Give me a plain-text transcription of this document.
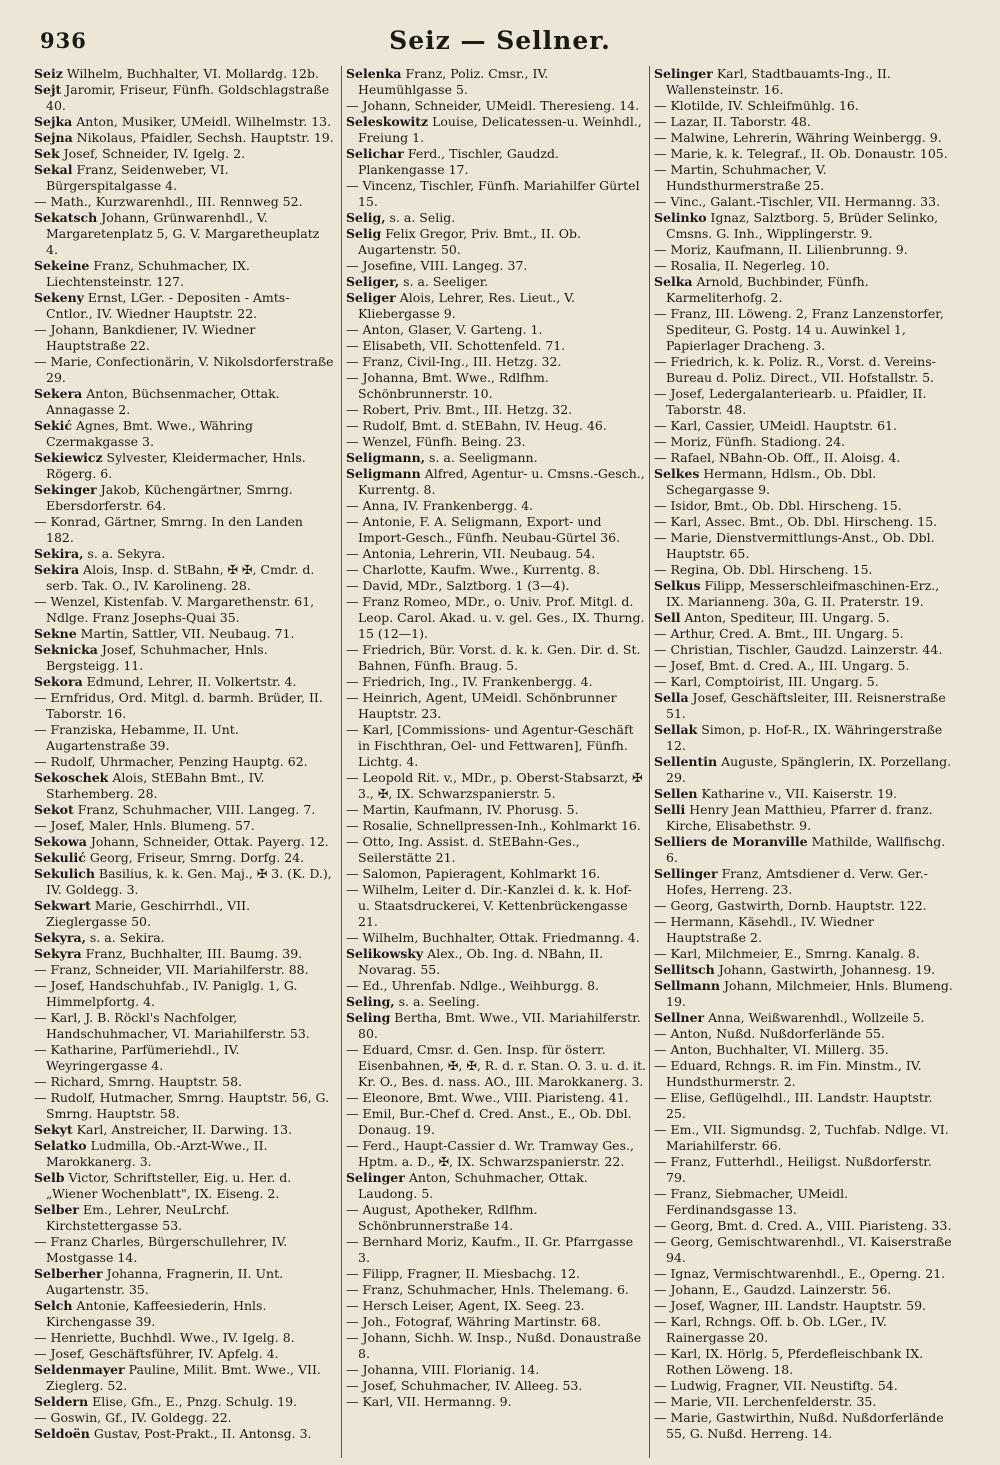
936	Seiz — Sellner.
Seiz Wilhelm, Buchhalter, VI. Mollardg. 12b.
Sejt Jaromir, Friseur, Fünfh. Goldschlagstraße 40.
Sejka Anton, Musiker, UMeidl. Wilhelmstr. 13.
Sejna Nikolaus, Pfaidler, Sechsh. Hauptstr. 19.
Sek Josef, Schneider, IV. Igelg. 2.
Sekal Franz, Seidenweber, VI. Bürgerspitalgasse 4.
— Math., Kurzwarenhdl., III. Rennweg 52.
Sekatsch Johann, Grünwarenhdl., V. Margaretenplatz 5, G. V. Margaretheuplatz 4.
Sekeine Franz, Schuhmacher, IX. Liechtensteinstr. 127.
Sekeny Ernst, LGer. - Depositen - Amts-Cntlor., IV. Wiedner Hauptstr. 22.
— Johann, Bankdiener, IV. Wiedner Hauptstraße 22.
— Marie, Confectionärin, V. Nikolsdorferstraße 29.
Sekera Anton, Büchsenmacher, Ottak. Annagasse 2.
Sekić Agnes, Bmt. Wwe., Währing Czermakgasse 3.
Sekiewicz Sylvester, Kleidermacher, Hnls. Rögerg. 6.
Sekinger Jakob, Küchengärtner, Smrng. Ebersdorferstr. 64.
— Konrad, Gärtner, Smrng. In den Landen 182.
Sekira, s. a. Sekyra.
Sekira Alois, Insp. d. StBahn, ✠ ✠, Cmdr. d. serb. Tak. O., IV. Karolineng. 28.
— Wenzel, Kistenfab. V. Margarethenstr. 61, Ndlge. Franz Josephs-Quai 35.
Sekne Martin, Sattler, VII. Neubaug. 71.
Seknicka Josef, Schuhmacher, Hnls. Bergsteigg. 11.
Sekora Edmund, Lehrer, II. Volkertstr. 4.
— Ernfridus, Ord. Mitgl. d. barmh. Brüder, II. Taborstr. 16.
— Franziska, Hebamme, II. Unt. Augartenstraße 39.
— Rudolf, Uhrmacher, Penzing Hauptg. 62.
Sekoschek Alois, StEBahn Bmt., IV. Starhemberg. 28.
Sekot Franz, Schuhmacher, VIII. Langeg. 7.
— Josef, Maler, Hnls. Blumeng. 57.
Sekowa Johann, Schneider, Ottak. Payerg. 12.
Sekulić Georg, Friseur, Smrng. Dorfg. 24.
Sekulich Basilius, k. k. Gen. Maj., ✠ 3. (K. D.), IV. Goldegg. 3.
Sekwart Marie, Geschirrhdl., VII. Zieglergasse 50.
Sekyra, s. a. Sekira.
Sekyra Franz, Buchhalter, III. Baumg. 39.
— Franz, Schneider, VII. Mariahilferstr. 88.
— Josef, Handschuhfab., IV. Paniglg. 1, G. Himmelpfortg. 4.
— Karl, J. B. Röckl's Nachfolger, Handschuhmacher, VI. Mariahilferstr. 53.
— Katharine, Parfümeriehdl., IV. Weyringergasse 4.
— Richard, Smrng. Hauptstr. 58.
— Rudolf, Hutmacher, Smrng. Hauptstr. 56, G. Smrng. Hauptstr. 58.
Sekyt Karl, Anstreicher, II. Darwing. 13.
Selatko Ludmilla, Ob.-Arzt-Wwe., II. Marokkanerg. 3.
Selb Victor, Schriftsteller, Eig. u. Her. d. „Wiener Wochenblatt", IX. Eiseng. 2.
Selber Em., Lehrer, NeuLrchf. Kirchstettergasse 53.
— Franz Charles, Bürgerschullehrer, IV. Mostgasse 14.
Selberher Johanna, Fragnerin, II. Unt. Augartenstr. 35.
Selch Antonie, Kaffeesiederin, Hnls. Kirchengasse 39.
— Henriette, Buchhdl. Wwe., IV. Igelg. 8.
— Josef, Geschäftsführer, IV. Apfelg. 4.
Seldenmayer Pauline, Milit. Bmt. Wwe., VII. Zieglerg. 52.
Seldern Elise, Gfn., E., Pnzg. Schulg. 19.
— Goswin, Gf., IV. Goldegg. 22.
Seldoën Gustav, Post-Prakt., II. Antonsg. 3.
Selenka Franz, Poliz. Cmsr., IV. Heumühlgasse 5.
— Johann, Schneider, UMeidl. Theresieng. 14.
Seleskowitz Louise, Delicatessen-u. Weinhdl., Freiung 1.
Selichar Ferd., Tischler, Gaudzd. Plankengasse 17.
— Vincenz, Tischler, Fünfh. Mariahilfer Gürtel 15.
Selig, s. a. Selig.
Selig Felix Gregor, Priv. Bmt., II. Ob. Augartenstr. 50.
— Josefine, VIII. Langeg. 37.
Seliger, s. a. Seeliger.
Seliger Alois, Lehrer, Res. Lieut., V. Kliebergasse 9.
— Anton, Glaser, V. Garteng. 1.
— Elisabeth, VII. Schottenfeld. 71.
— Franz, Civil-Ing., III. Hetzg. 32.
— Johanna, Bmt. Wwe., Rdlfhm. Schönbrunnerstr. 10.
— Robert, Priv. Bmt., III. Hetzg. 32.
— Rudolf, Bmt. d. StEBahn, IV. Heug. 46.
— Wenzel, Fünfh. Being. 23.
Seligmann, s. a. Seeligmann.
Seligmann Alfred, Agentur- u. Cmsns.-Gesch., Kurrentg. 8.
— Anna, IV. Frankenbergg. 4.
— Antonie, F. A. Seligmann, Export- und Import-Gesch., Fünfh. Neubau-Gürtel 36.
— Antonia, Lehrerin, VII. Neubaug. 54.
— Charlotte, Kaufm. Wwe., Kurrentg. 8.
— David, MDr., Salztborg. 1 (3—4).
— Franz Romeo, MDr., o. Univ. Prof. Mitgl. d. Leop. Carol. Akad. u. v. gel. Ges., IX. Thurng. 15 (12—1).
— Friedrich, Bür. Vorst. d. k. k. Gen. Dir. d. St. Bahnen, Fünfh. Braug. 5.
— Friedrich, Ing., IV. Frankenbergg. 4.
— Heinrich, Agent, UMeidl. Schönbrunner Hauptstr. 23.
— Karl, [Commissions- und Agentur-Geschäft in Fischthran, Oel- und Fettwaren], Fünfh. Lichtg. 4.
— Leopold Rit. v., MDr., p. Oberst-Stabsarzt, ✠ 3., ✠, IX. Schwarzspanierstr. 5.
— Martin, Kaufmann, IV. Phorusg. 5.
— Rosalie, Schnellpressen-Inh., Kohlmarkt 16.
— Otto, Ing. Assist. d. StEBahn-Ges., Seilerstätte 21.
— Salomon, Papieragent, Kohlmarkt 16.
— Wilhelm, Leiter d. Dir.-Kanzlei d. k. k. Hof- u. Staatsdruckerei, V. Kettenbrückengasse 21.
— Wilhelm, Buchhalter, Ottak. Friedmanng. 4.
Selikowsky Alex., Ob. Ing. d. NBahn, II. Novarag. 55.
— Ed., Uhrenfab. Ndlge., Weihburgg. 8.
Seling, s. a. Seeling.
Seling Bertha, Bmt. Wwe., VII. Mariahilferstr. 80.
— Eduard, Cmsr. d. Gen. Insp. für österr. Eisenbahnen, ✠, ✠, R. d. r. Stan. O. 3. u. d. it. Kr. O., Bes. d. nass. AO., III. Marokkanerg. 3.
— Eleonore, Bmt. Wwe., VIII. Piaristeng. 41.
— Emil, Bur.-Chef d. Cred. Anst., E., Ob. Dbl. Donaug. 19.
— Ferd., Haupt-Cassier d. Wr. Tramway Ges., Hptm. a. D., ✠, IX. Schwarzspanierstr. 22.
Selinger Anton, Schuhmacher, Ottak. Laudong. 5.
— August, Apotheker, Rdlfhm. Schönbrunnerstraße 14.
— Bernhard Moriz, Kaufm., II. Gr. Pfarrgasse 3.
— Filipp, Fragner, II. Miesbachg. 12.
— Franz, Schuhmacher, Hnls. Thelemang. 6.
— Hersch Leiser, Agent, IX. Seeg. 23.
— Joh., Fotograf, Währing Martinstr. 68.
— Johann, Sichh. W. Insp., Nußd. Donaustraße 8.
— Johanna, VIII. Florianig. 14.
— Josef, Schuhmacher, IV. Alleeg. 53.
— Karl, VII. Hermanng. 9.
Selinger Karl, Stadtbauamts-Ing., II. Wallensteinstr. 16.
— Klotilde, IV. Schleifmühlg. 16.
— Lazar, II. Taborstr. 48.
— Malwine, Lehrerin, Währing Weinbergg. 9.
— Marie, k. k. Telegraf., II. Ob. Donaustr. 105.
— Martin, Schuhmacher, V. Hundsthurmerstraße 25.
— Vinc., Galant.-Tischler, VII. Hermanng. 33.
Selinko Ignaz, Salztborg. 5, Brüder Selinko, Cmsns. G. Inh., Wipplingerstr. 9.
— Moriz, Kaufmann, II. Lilienbrunng. 9.
— Rosalia, II. Negerleg. 10.
Selka Arnold, Buchbinder, Fünfh. Karmeliterhofg. 2.
— Franz, III. Löweng. 2, Franz Lanzenstorfer, Spediteur, G. Postg. 14 u. Auwinkel 1, Papierlager Dracheng. 3.
— Friedrich, k. k. Poliz. R., Vorst. d. Vereins-Bureau d. Poliz. Direct., VII. Hofstallstr. 5.
— Josef, Ledergalanteriearb. u. Pfaidler, II. Taborstr. 48.
— Karl, Cassier, UMeidl. Hauptstr. 61.
— Moriz, Fünfh. Stadiong. 24.
— Rafael, NBahn-Ob. Off., II. Aloisg. 4.
Selkes Hermann, Hdlsm., Ob. Dbl. Schegargasse 9.
— Isidor, Bmt., Ob. Dbl. Hirscheng. 15.
— Karl, Assec. Bmt., Ob. Dbl. Hirscheng. 15.
— Marie, Dienstvermittlungs-Anst., Ob. Dbl. Hauptstr. 65.
— Regina, Ob. Dbl. Hirscheng. 15.
Selkus Filipp, Messerschleifmaschinen-Erz., IX. Marianneng. 30a, G. II. Praterstr. 19.
Sell Anton, Spediteur, III. Ungarg. 5.
— Arthur, Cred. A. Bmt., III. Ungarg. 5.
— Christian, Tischler, Gaudzd. Lainzerstr. 44.
— Josef, Bmt. d. Cred. A., III. Ungarg. 5.
— Karl, Comptoirist, III. Ungarg. 5.
Sella Josef, Geschäftsleiter, III. Reisnerstraße 51.
Sellak Simon, p. Hof-R., IX. Währingerstraße 12.
Sellentin Auguste, Spänglerin, IX. Porzellang. 29.
Sellen Katharine v., VII. Kaiserstr. 19.
Selli Henry Jean Matthieu, Pfarrer d. franz. Kirche, Elisabethstr. 9.
Selliers de Moranville Mathilde, Wallfischg. 6.
Sellinger Franz, Amtsdiener d. Verw. Ger.-Hofes, Herreng. 23.
— Georg, Gastwirth, Dornb. Hauptstr. 122.
— Hermann, Käsehdl., IV. Wiedner Hauptstraße 2.
— Karl, Milchmeier, E., Smrng. Kanalg. 8.
Sellitsch Johann, Gastwirth, Johannesg. 19.
Sellmann Johann, Milchmeier, Hnls. Blumeng. 19.
Sellner Anna, Weißwarenhdl., Wollzeile 5.
— Anton, Nußd. Nußdorferlände 55.
— Anton, Buchhalter, VI. Millerg. 35.
— Eduard, Rchngs. R. im Fin. Minstm., IV. Hundsthurmerstr. 2.
— Elise, Geflügelhdl., III. Landstr. Hauptstr. 25.
— Em., VII. Sigmundsg. 2, Tuchfab. Ndlge. VI. Mariahilferstr. 66.
— Franz, Futterhdl., Heiligst. Nußdorferstr. 79.
— Franz, Siebmacher, UMeidl. Ferdinandsgasse 13.
— Georg, Bmt. d. Cred. A., VIII. Piaristeng. 33.
— Georg, Gemischtwarenhdl., VI. Kaiserstraße 94.
— Ignaz, Vermischtwarenhdl., E., Operng. 21.
— Johann, E., Gaudzd. Lainzerstr. 56.
— Josef, Wagner, III. Landstr. Hauptstr. 59.
— Karl, Rchngs. Off. b. Ob. LGer., IV. Rainergasse 20.
— Karl, IX. Hörlg. 5, Pferdefleischbank IX. Rothen Löweng. 18.
— Ludwig, Fragner, VII. Neustiftg. 54.
— Marie, VII. Lerchenfelderstr. 35.
— Marie, Gastwirthin, Nußd. Nußdorferlände 55, G. Nußd. Herreng. 14.
